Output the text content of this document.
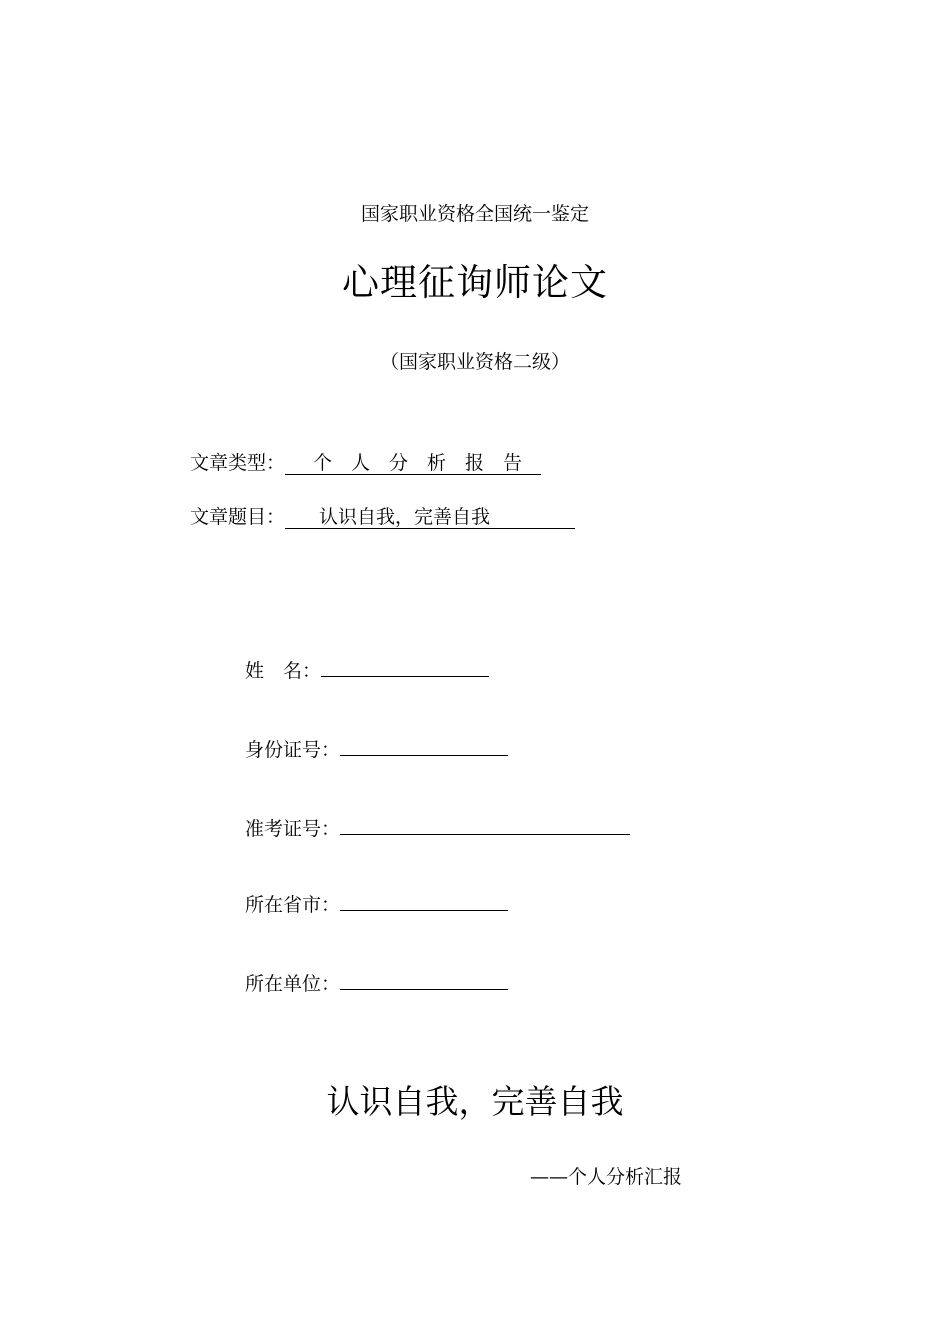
国家职业资格全国统一鉴定
心理征询师论文
（国家职业资格二级）
文章类型： 个人分析报告
文章题目： 认识自我，完善自我
姓　名：
身份证号：
准考证号：
所在省市：
所在单位：
认识自我，完善自我
——个人分析汇报
